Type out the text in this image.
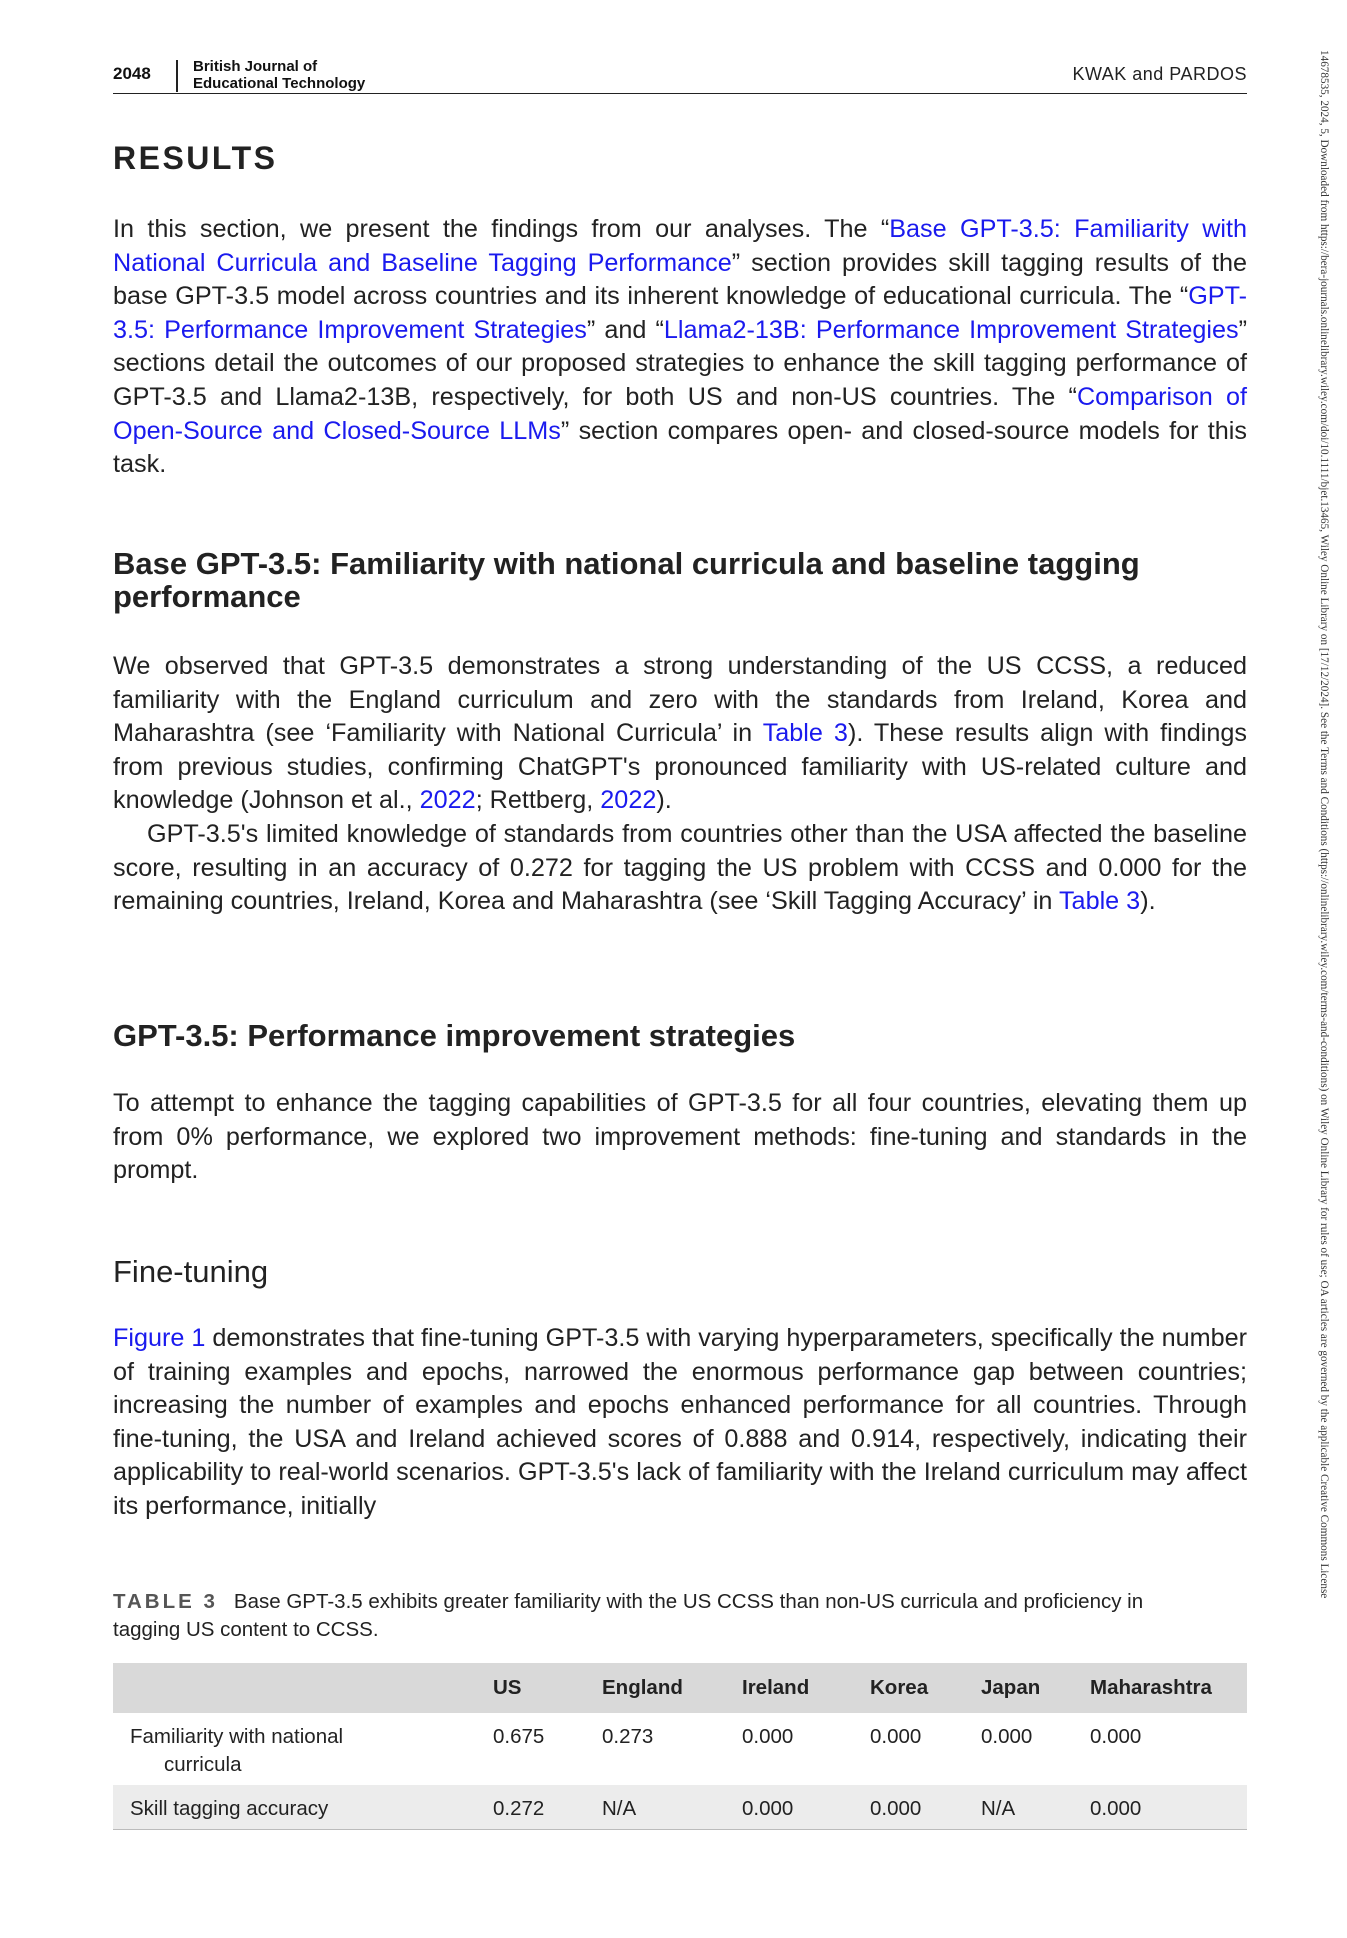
2048	British Journal of
Educational Technology	KWAK and PARDOS	14678535, 2024, 5, Downloaded from https://bera-journals.onlinelibrary.wiley.com/doi/10.1111/bjet.13465, Wiley Online Library on [17/12/2024]. See the Terms and Conditions (https://onlinelibrary.wiley.com/terms-and-conditions) on Wiley Online Library for rules of use; OA articles are governed by the applicable Creative Commons License
RESULTS

In this section, we present the findings from our analyses. The “Base GPT-3.5: Familiarity with National Curricula and Baseline Tagging Performance” section provides skill tagging results of the base GPT-3.5 model across countries and its inherent knowledge of educational curricula. The “GPT-3.5: Performance Improvement Strategies” and “Llama2-13B: Performance Improvement Strategies” sections detail the outcomes of our proposed strategies to enhance the skill tagging performance of GPT-3.5 and Llama2-13B, respectively, for both US and non-US countries. The “Comparison of Open-Source and Closed-Source LLMs” section compares open- and closed-source models for this task.

Base GPT-3.5: Familiarity with national curricula and baseline tagging performance

We observed that GPT-3.5 demonstrates a strong understanding of the US CCSS, a reduced familiarity with the England curriculum and zero with the standards from Ireland, Korea and Maharashtra (see ‘Familiarity with National Curricula’ in Table 3). These results align with findings from previous studies, confirming ChatGPT's pronounced familiarity with US-related culture and knowledge (Johnson et al., 2022; Rettberg, 2022).

GPT-3.5's limited knowledge of standards from countries other than the USA affected the baseline score, resulting in an accuracy of 0.272 for tagging the US problem with CCSS and 0.000 for the remaining countries, Ireland, Korea and Maharashtra (see ‘Skill Tagging Accuracy’ in Table 3).

GPT-3.5: Performance improvement strategies

To attempt to enhance the tagging capabilities of GPT-3.5 for all four countries, elevating them up from 0% performance, we explored two improvement methods: fine-tuning and standards in the prompt.

Fine-tuning

Figure 1 demonstrates that fine-tuning GPT-3.5 with varying hyperparameters, specifically the number of training examples and epochs, narrowed the enormous performance gap between countries; increasing the number of examples and epochs enhanced performance for all countries. Through fine-tuning, the USA and Ireland achieved scores of 0.888 and 0.914, respectively, indicating their applicability to real-world scenarios. GPT-3.5's lack of familiarity with the Ireland curriculum may affect its performance, initially

TABLE 3 Base GPT-3.5 exhibits greater familiarity with the US CCSS than non-US curricula and proficiency in tagging US content to CCSS.

	US	England	Ireland	Korea	Japan	Maharashtra
Familiarity with national
curricula	0.675	0.273	0.000	0.000	0.000	0.000
Skill tagging accuracy	0.272	N/A	0.000	0.000	N/A	0.000
